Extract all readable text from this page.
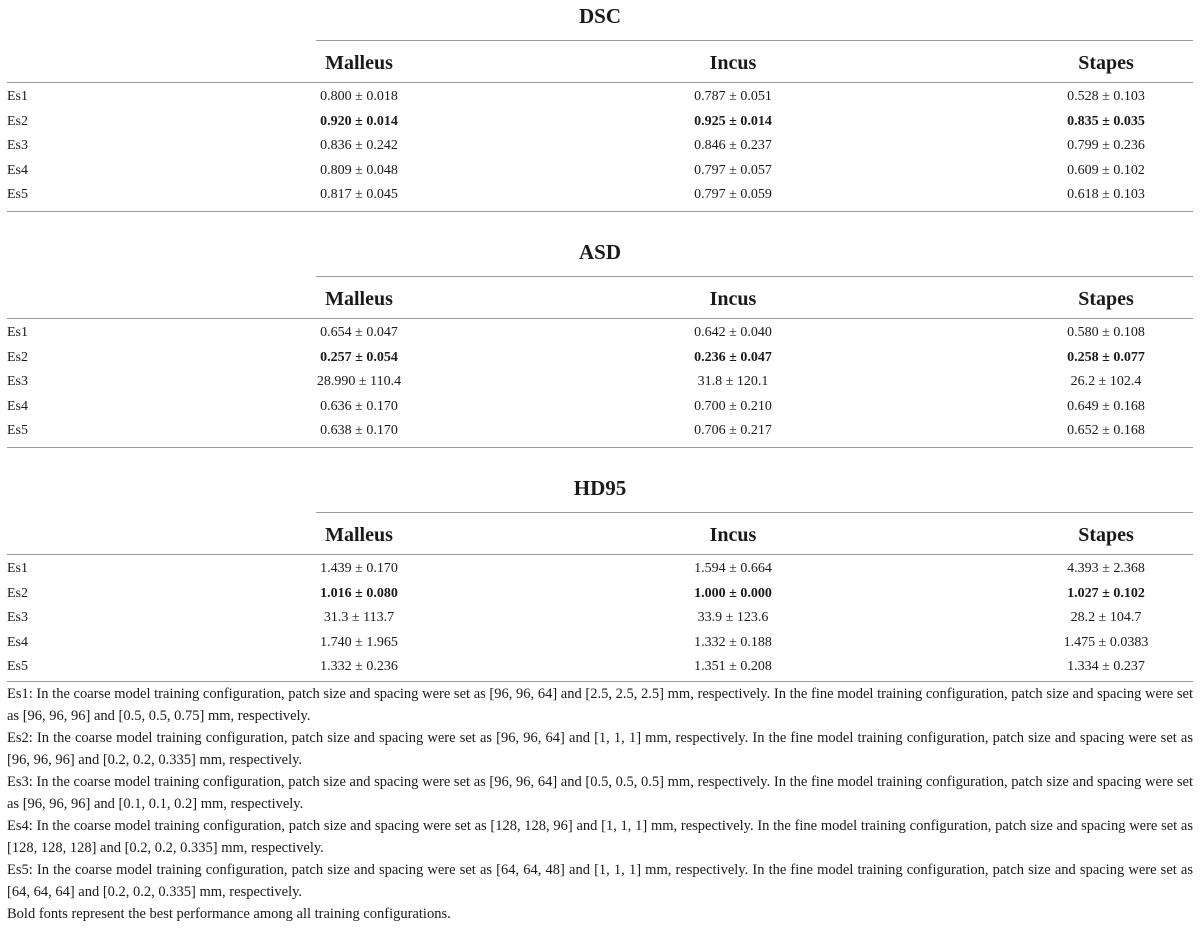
DSC
Malleus	Incus	Stapes
Es1	0.800 ± 0.018	0.787 ± 0.051	0.528 ± 0.103
Es2	0.920 ± 0.014	0.925 ± 0.014	0.835 ± 0.035
Es3	0.836 ± 0.242	0.846 ± 0.237	0.799 ± 0.236
Es4	0.809 ± 0.048	0.797 ± 0.057	0.609 ± 0.102
Es5	0.817 ± 0.045	0.797 ± 0.059	0.618 ± 0.103
ASD
Malleus	Incus	Stapes
Es1	0.654 ± 0.047	0.642 ± 0.040	0.580 ± 0.108
Es2	0.257 ± 0.054	0.236 ± 0.047	0.258 ± 0.077
Es3	28.990 ± 110.4	31.8 ± 120.1	26.2 ± 102.4
Es4	0.636 ± 0.170	0.700 ± 0.210	0.649 ± 0.168
Es5	0.638 ± 0.170	0.706 ± 0.217	0.652 ± 0.168
HD95
Malleus	Incus	Stapes
Es1	1.439 ± 0.170	1.594 ± 0.664	4.393 ± 2.368
Es2	1.016 ± 0.080	1.000 ± 0.000	1.027 ± 0.102
Es3	31.3 ± 113.7	33.9 ± 123.6	28.2 ± 104.7
Es4	1.740 ± 1.965	1.332 ± 0.188	1.475 ± 0.0383
Es5	1.332 ± 0.236	1.351 ± 0.208	1.334 ± 0.237

Es1: In the coarse model training configuration, patch size and spacing were set as [96, 96, 64] and [2.5, 2.5, 2.5] mm, respectively. In the fine model training configuration, patch size and spacing were set as [96, 96, 96] and [0.5, 0.5, 0.75] mm, respectively.

Es2: In the coarse model training configuration, patch size and spacing were set as [96, 96, 64] and [1, 1, 1] mm, respectively. In the fine model training configuration, patch size and spacing were set as [96, 96, 96] and [0.2, 0.2, 0.335] mm, respectively.

Es3: In the coarse model training configuration, patch size and spacing were set as [96, 96, 64] and [0.5, 0.5, 0.5] mm, respectively. In the fine model training configuration, patch size and spacing were set as [96, 96, 96] and [0.1, 0.1, 0.2] mm, respectively.

Es4: In the coarse model training configuration, patch size and spacing were set as [128, 128, 96] and [1, 1, 1] mm, respectively. In the fine model training configuration, patch size and spacing were set as [128, 128, 128] and [0.2, 0.2, 0.335] mm, respectively.

Es5: In the coarse model training configuration, patch size and spacing were set as [64, 64, 48] and [1, 1, 1] mm, respectively. In the fine model training configuration, patch size and spacing were set as [64, 64, 64] and [0.2, 0.2, 0.335] mm, respectively.

Bold fonts represent the best performance among all training configurations.
